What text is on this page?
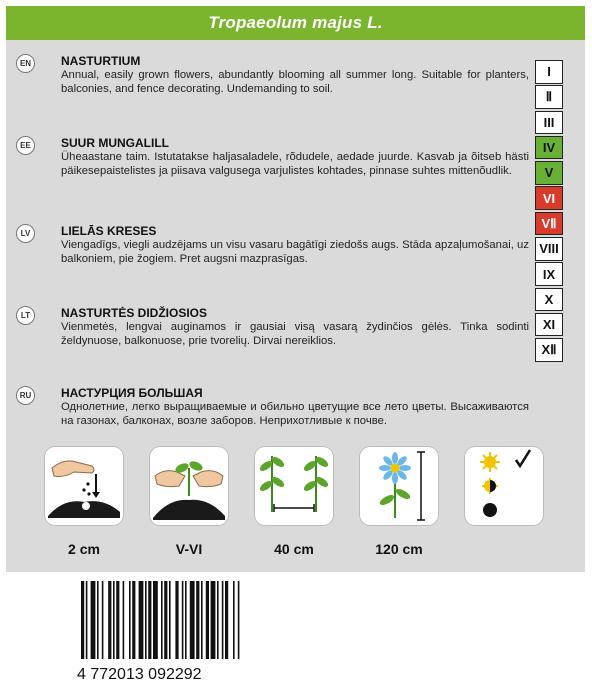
Tropaeolum majus L.
EN	NASTURTIUM
Annual, easily grown flowers, abundantly blooming all summer long. Suitable for planters, balconies, and fence decorating. Undemanding to soil.
EE	SUUR MUNGALILL
Üheaastane taim. Istutatakse haljasaladele, rõdudele, aedade juurde. Kasvab ja õitseb hästi päikesepaistelistes ja piisava valgusega varjulistes kohtades, pinnase suhtes mittenõudlik.
LV	LIELĀS KRESES
Viengadīgs, viegli audzējams un visu vasaru bagātīgi ziedošs augs. Stāda apzaļumošanai, uz balkoniem, pie žogiem. Pret augsni mazprasīgas.
LT	NASTURTĖS DIDŽIOSIOS
Vienmetės, lengvai auginamos ir gausiai visą vasarą žydinčios gėlės. Tinka sodinti želdynuose, balkonuose, prie tvorelių. Dirvai nereiklios.
RU	НАСТУРЦИЯ БОЛЬШАЯ
Однолетние, легко выращиваемые и обильно цветущие все лето цветы. Высаживаются на газонах, балконах, возле заборов. Неприхотливые к почве.
I
Ⅱ
III
IV
V
VI
VⅡ
VIII
IX
X
XI
XⅡ
2 cm	V-VI	40 cm	120 cm
4 772013 092292
